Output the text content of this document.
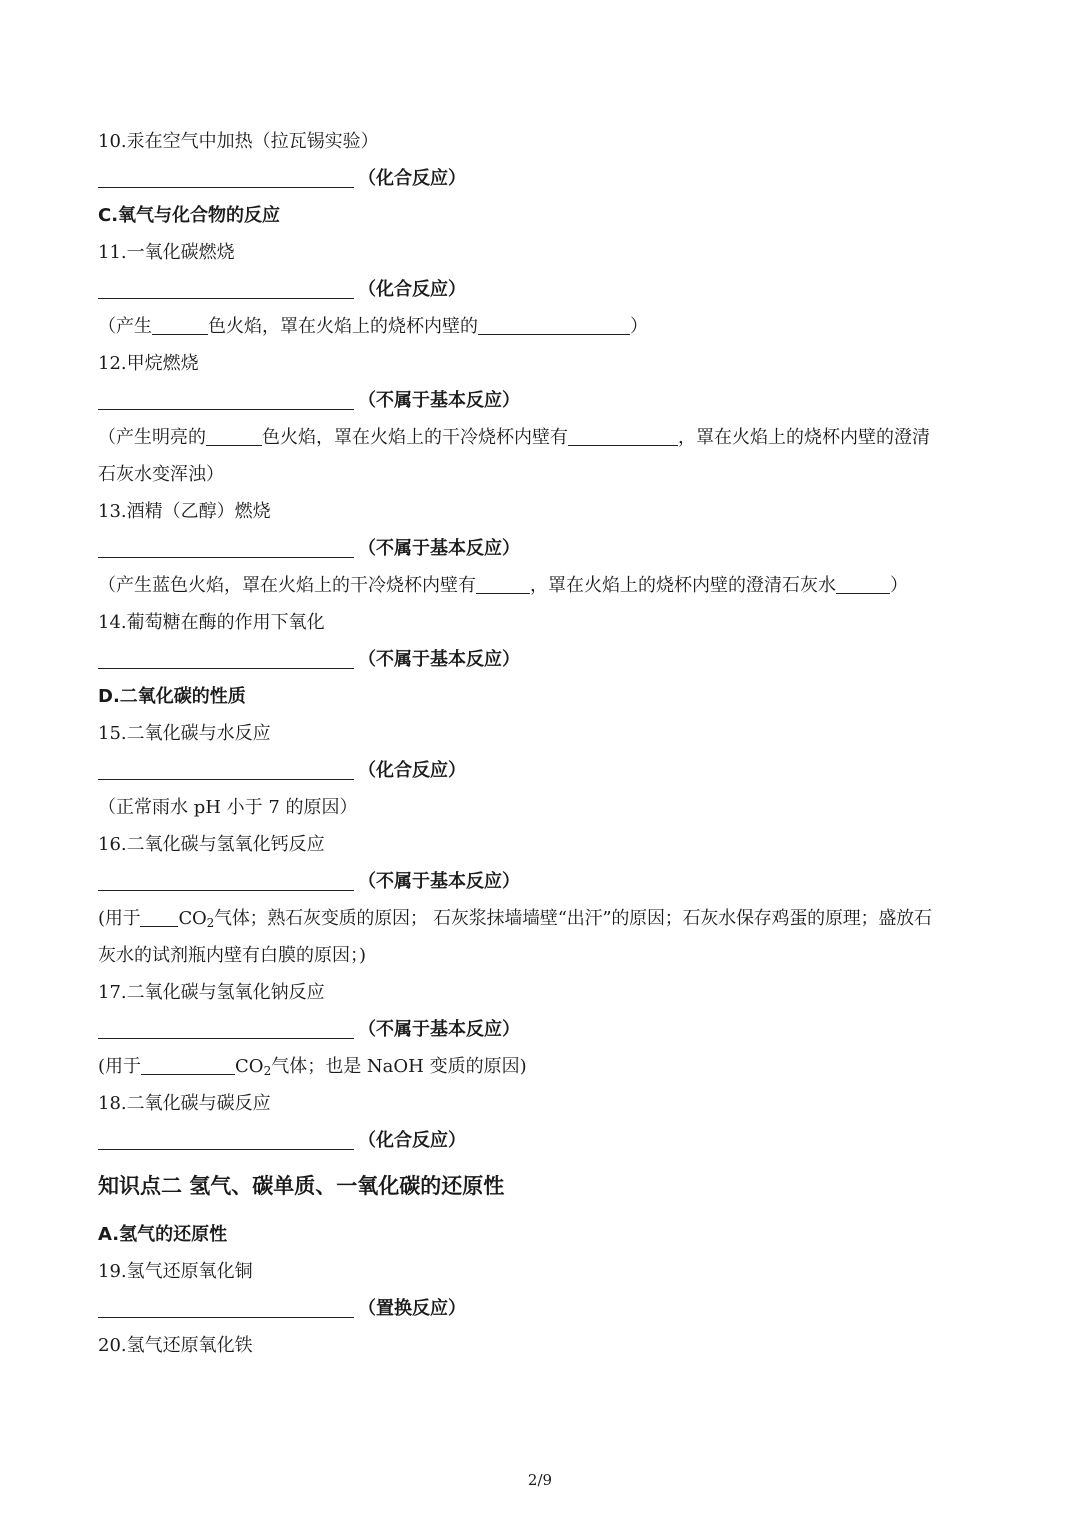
10.汞在空气中加热（拉瓦锡实验）
（化合反应）
C.氧气与化合物的反应
11.一氧化碳燃烧
（化合反应）
（产生	色火焰，罩在火焰上的烧杯内壁的	）
12.甲烷燃烧
（不属于基本反应）
（产生明亮的	色火焰，罩在火焰上的干冷烧杯内壁有	，罩在火焰上的烧杯内壁的澄清
石灰水变浑浊）
13.酒精（乙醇）燃烧
（不属于基本反应）
（产生蓝色火焰，罩在火焰上的干冷烧杯内壁有	，罩在火焰上的烧杯内壁的澄清石灰水	）
14.葡萄糖在酶的作用下氧化
（不属于基本反应）
D.二氧化碳的性质
15.二氧化碳与水反应
（化合反应）
（正常雨水 pH 小于 7 的原因）
16.二氧化碳与氢氧化钙反应
（不属于基本反应）
(用于 $CO_2$气体；熟石灰变质的原因； 石灰浆抹墙墙壁“出汗”的原因；石灰水保存鸡蛋的原理；盛放石
灰水的试剂瓶内壁有白膜的原因；)
17.二氧化碳与氢氧化钠反应
（不属于基本反应）
(用于	$CO_2$气体；也是 NaOH 变质的原因)
18.二氧化碳与碳反应
（化合反应）
知识点二 氢气、碳单质、一氧化碳的还原性
A.氢气的还原性
19.氢气还原氧化铜
（置换反应）
20.氢气还原氧化铁
2/9
